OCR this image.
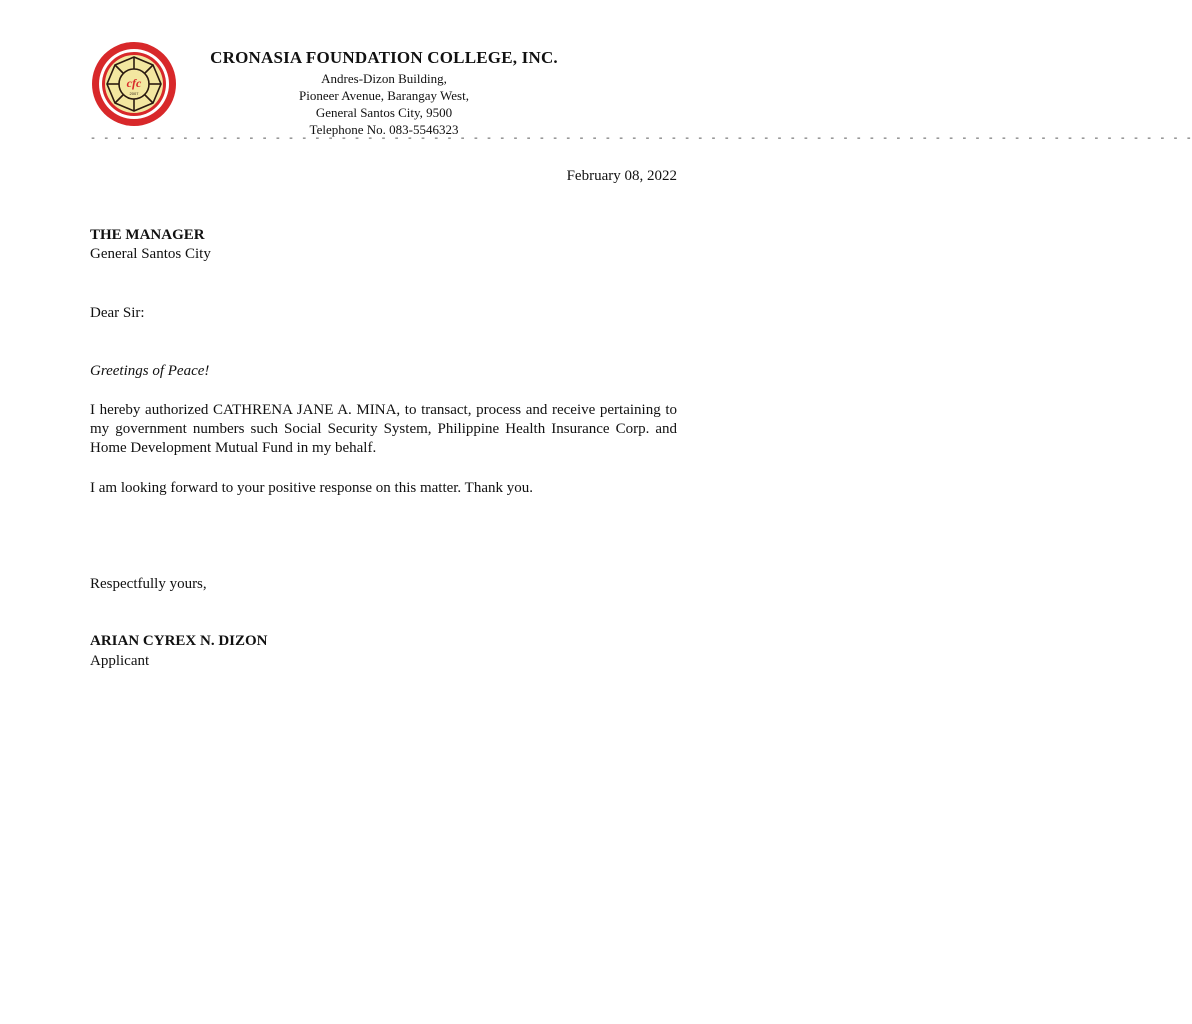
cfc
2007
CRONASIA FOUNDATION COLLEGE, INC.
Andres-Dizon Building,
Pioneer Avenue, Barangay West,
General Santos City, 9500
Telephone No. 083-5546323
- - - - - - - - - - - - - - - - - - - - - - - - - - - - - - - - - - - - - - - - - - - - - - - - - - - - - - - - - - - - - - - - - - - - - - - - - - - - - - - - - - - -
February 08, 2022
THE MANAGER
General Santos City
Dear Sir:
Greetings of Peace!
I hereby authorized CATHRENA JANE A. MINA, to transact, process and receive pertaining to my government numbers such Social Security System, Philippine Health Insurance Corp. and Home Development Mutual Fund in my behalf.
I am looking forward to your positive response on this matter. Thank you.
Respectfully yours,
ARIAN CYREX N. DIZON
Applicant
